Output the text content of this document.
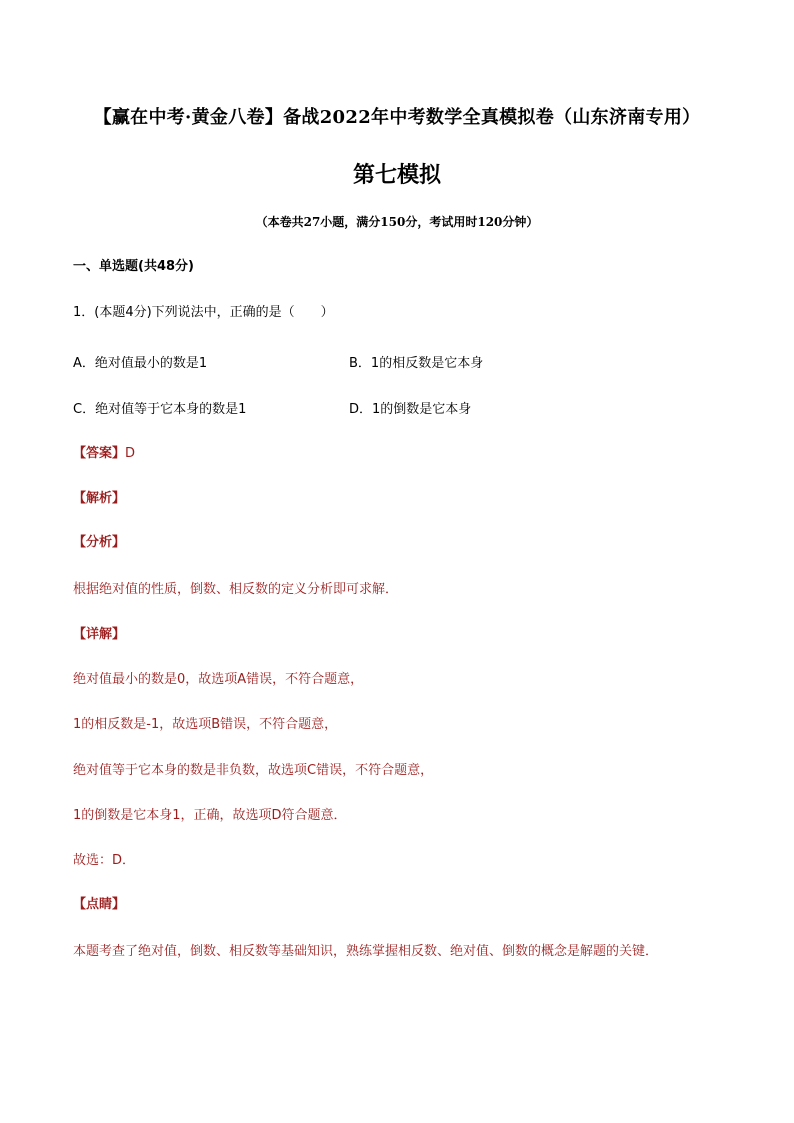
【赢在中考·黄金八卷】备战2022年中考数学全真模拟卷（山东济南专用）
第七模拟
（本卷共27小题，满分150分，考试用时120分钟）
一、单选题(共48分)
1．(本题4分)下列说法中，正确的是（　　）
A．绝对值最小的数是1	B．1的相反数是它本身
C．绝对值等于它本身的数是1	D．1的倒数是它本身
【答案】D
【解析】
【分析】
根据绝对值的性质，倒数、相反数的定义分析即可求解．
【详解】
绝对值最小的数是0，故选项A错误，不符合题意，
1的相反数是-1，故选项B错误，不符合题意，
绝对值等于它本身的数是非负数，故选项C错误，不符合题意，
1的倒数是它本身1，正确，故选项D符合题意．
故选：D．
【点睛】
本题考查了绝对值，倒数、相反数等基础知识，熟练掌握相反数、绝对值、倒数的概念是解题的关键．
